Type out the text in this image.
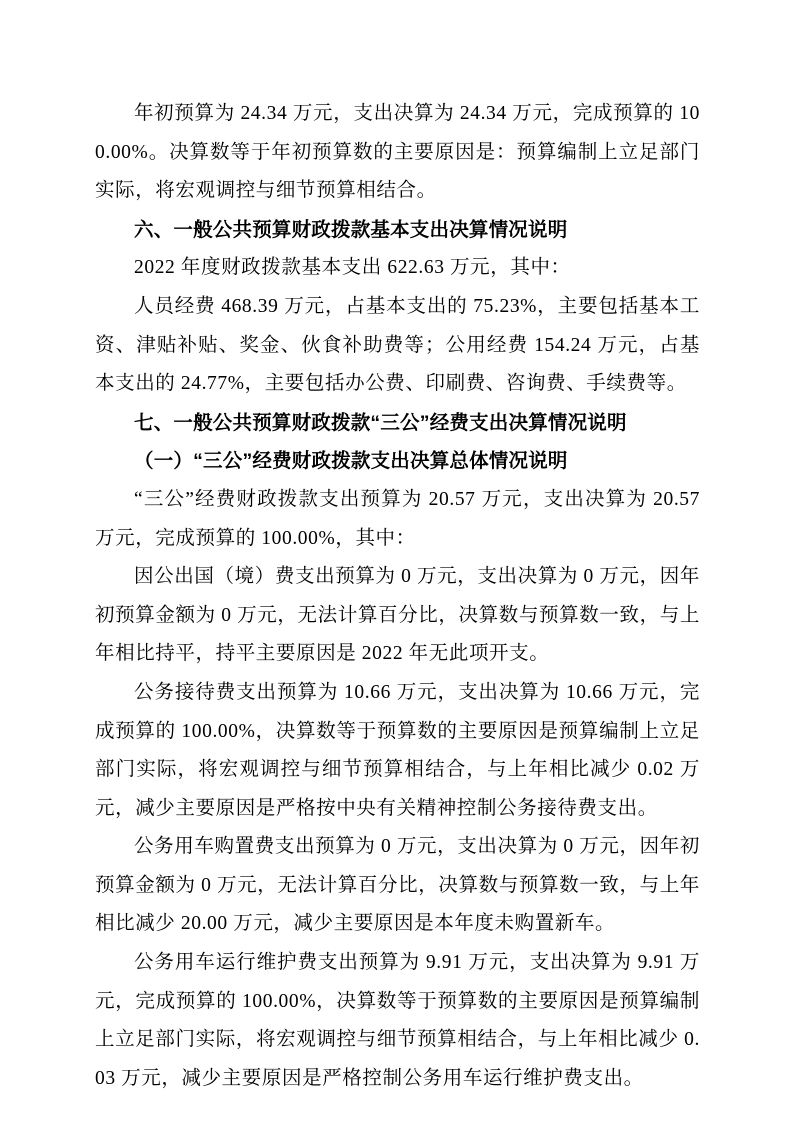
年初预算为 24.34 万元，支出决算为 24.34 万元，完成预算的 100.00%。决算数等于年初预算数的主要原因是：预算编制上立足部门实际，将宏观调控与细节预算相结合。

六、一般公共预算财政拨款基本支出决算情况说明

2022 年度财政拨款基本支出 622.63 万元，其中：

人员经费 468.39 万元，占基本支出的 75.23%，主要包括基本工资、津贴补贴、奖金、伙食补助费等；公用经费 154.24 万元，占基本支出的 24.77%，主要包括办公费、印刷费、咨询费、手续费等。

七、一般公共预算财政拨款“三公”经费支出决算情况说明

（一）“三公”经费财政拨款支出决算总体情况说明

“三公”经费财政拨款支出预算为 20.57 万元，支出决算为 20.57 万元，完成预算的 100.00%，其中：

因公出国（境）费支出预算为 0 万元，支出决算为 0 万元，因年初预算金额为 0 万元，无法计算百分比，决算数与预算数一致，与上年相比持平，持平主要原因是 2022 年无此项开支。

公务接待费支出预算为 10.66 万元，支出决算为 10.66 万元，完成预算的 100.00%，决算数等于预算数的主要原因是预算编制上立足部门实际，将宏观调控与细节预算相结合，与上年相比减少 0.02 万元，减少主要原因是严格按中央有关精神控制公务接待费支出。

公务用车购置费支出预算为 0 万元，支出决算为 0 万元，因年初预算金额为 0 万元，无法计算百分比，决算数与预算数一致，与上年相比减少 20.00 万元，减少主要原因是本年度未购置新车。

公务用车运行维护费支出预算为 9.91 万元，支出决算为 9.91 万元，完成预算的 100.00%，决算数等于预算数的主要原因是预算编制上立足部门实际，将宏观调控与细节预算相结合，与上年相比减少 0.03 万元，减少主要原因是严格控制公务用车运行维护费支出。
